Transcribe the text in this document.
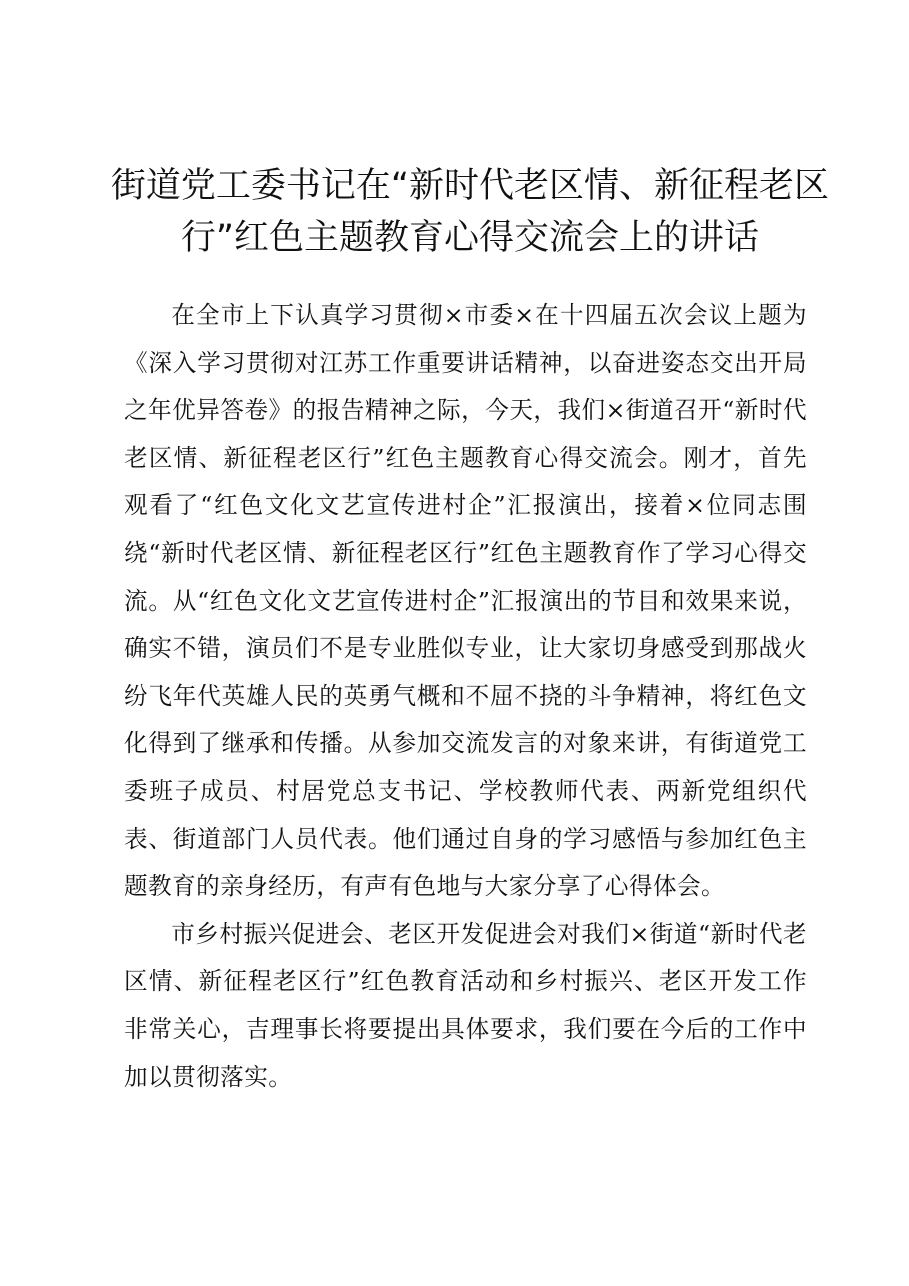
街道党工委书记在“新时代老区情、新征程老区行”红色主题教育心得交流会上的讲话

在全市上下认真学习贯彻×市委×在十四届五次会议上题为《深入学习贯彻对江苏工作重要讲话精神，以奋进姿态交出开局之年优异答卷》的报告精神之际，今天，我们×街道召开“新时代老区情、新征程老区行”红色主题教育心得交流会。刚才，首先观看了“红色文化文艺宣传进村企”汇报演出，接着×位同志围绕“新时代老区情、新征程老区行”红色主题教育作了学习心得交流。从“红色文化文艺宣传进村企”汇报演出的节目和效果来说，确实不错，演员们不是专业胜似专业，让大家切身感受到那战火纷飞年代英雄人民的英勇气概和不屈不挠的斗争精神，将红色文化得到了继承和传播。从参加交流发言的对象来讲，有街道党工委班子成员、村居党总支书记、学校教师代表、两新党组织代表、街道部门人员代表。他们通过自身的学习感悟与参加红色主题教育的亲身经历，有声有色地与大家分享了心得体会。

市乡村振兴促进会、老区开发促进会对我们×街道“新时代老区情、新征程老区行”红色教育活动和乡村振兴、老区开发工作非常关心，吉理事长将要提出具体要求，我们要在今后的工作中加以贯彻落实。
